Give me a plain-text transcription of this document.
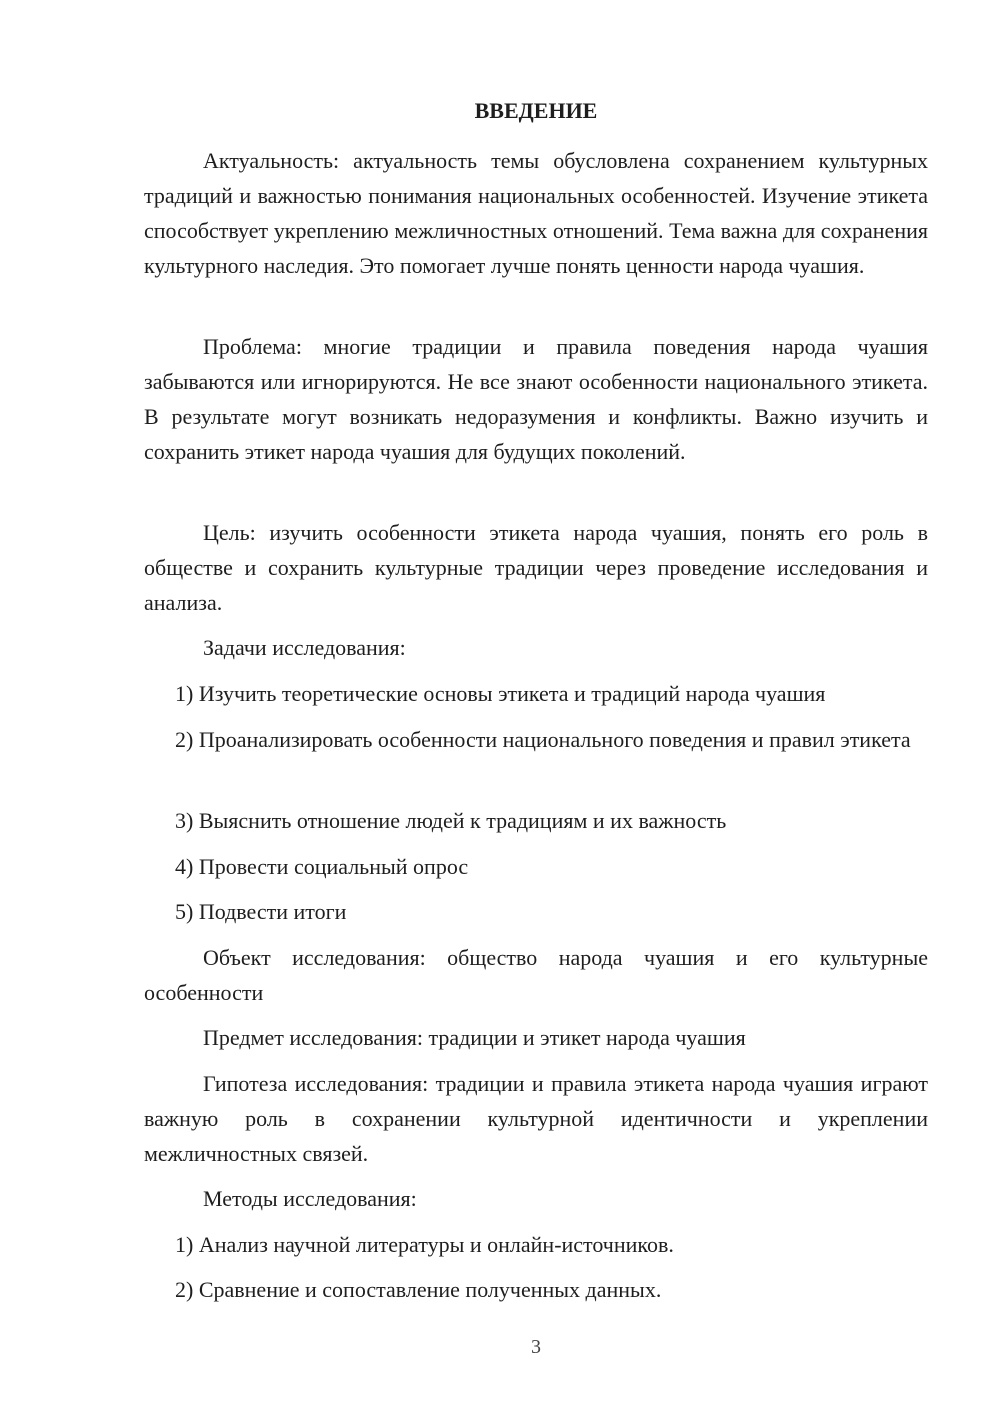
ВВЕДЕНИЕ

Актуальность: актуальность темы обусловлена сохранением культурных традиций и важностью понимания национальных особенностей. Изучение этикета способствует укреплению межличностных отношений. Тема важна для сохранения культурного наследия. Это помогает лучше понять ценности народа чуашия.

Проблема: многие традиции и правила поведения народа чуашия забываются или игнорируются. Не все знают особенности национального этикета. В результате могут возникать недоразумения и конфликты. Важно изучить и сохранить этикет народа чуашия для будущих поколений.

Цель: изучить особенности этикета народа чуашия, понять его роль в обществе и сохранить культурные традиции через проведение исследования и анализа.

Задачи исследования:

1) Изучить теоретические основы этикета и традиций народа чуашия

2) Проанализировать особенности национального поведения и правил этикета

3) Выяснить отношение людей к традициям и их важность

4) Провести социальный опрос

5) Подвести итоги

Объект исследования: общество народа чуашия и его культурные особенности

Предмет исследования: традиции и этикет народа чуашия

Гипотеза исследования: традиции и правила этикета народа чуашия играют важную роль в сохранении культурной идентичности и укреплении межличностных связей.

Методы исследования:

1) Анализ научной литературы и онлайн-источников.

2) Сравнение и сопоставление полученных данных.

3
